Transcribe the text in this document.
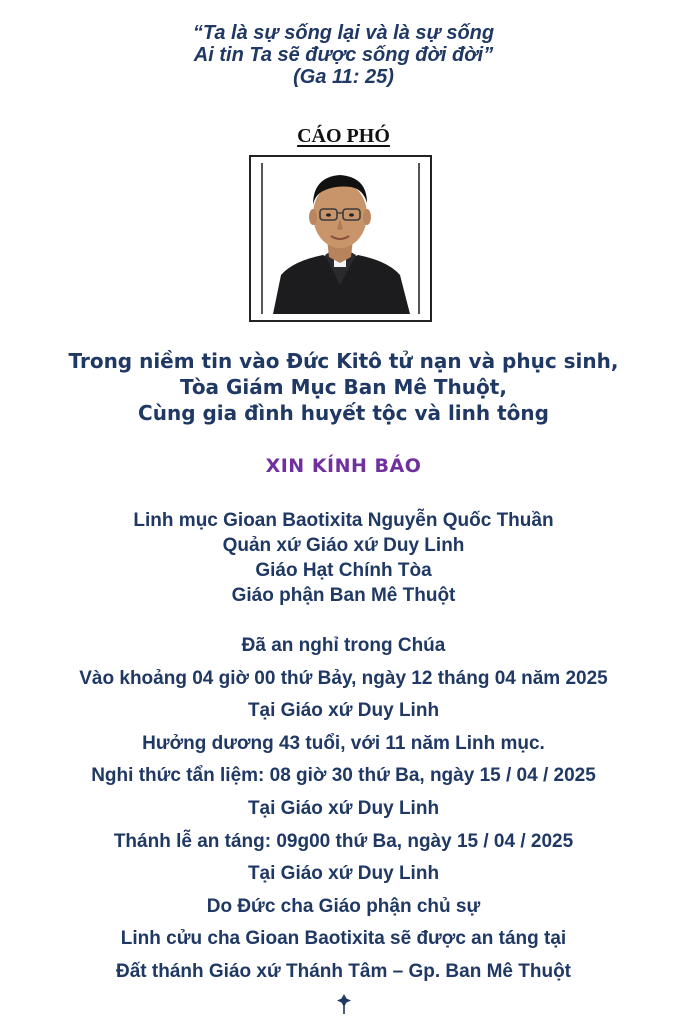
“Ta là sự sống lại và là sự sống
Ai tin Ta sẽ được sống đời đời”
(Ga 11: 25)
CÁO PHÓ
Trong niềm tin vào Đức Kitô tử nạn và phục sinh,
Tòa Giám Mục Ban Mê Thuột,
Cùng gia đình huyết tộc và linh tông
XIN KÍNH BÁO
Linh mục Gioan Baotixita Nguyễn Quốc Thuần
Quản xứ Giáo xứ Duy Linh
Giáo Hạt Chính Tòa
Giáo phận Ban Mê Thuột
Đã an nghỉ trong Chúa
Vào khoảng 04 giờ 00 thứ Bảy, ngày 12 tháng 04 năm 2025
Tại Giáo xứ Duy Linh
Hưởng dương 43 tuổi, với 11 năm Linh mục.
Nghi thức tẩn liệm: 08 giờ 30 thứ Ba, ngày 15 / 04 / 2025
Tại Giáo xứ Duy Linh
Thánh lễ an táng: 09g00 thứ Ba, ngày 15 / 04 / 2025
Tại Giáo xứ Duy Linh
Do Đức cha Giáo phận chủ sự
Linh cửu cha Gioan Baotixita sẽ được an táng tại
Đất thánh Giáo xứ Thánh Tâm – Gp. Ban Mê Thuột
